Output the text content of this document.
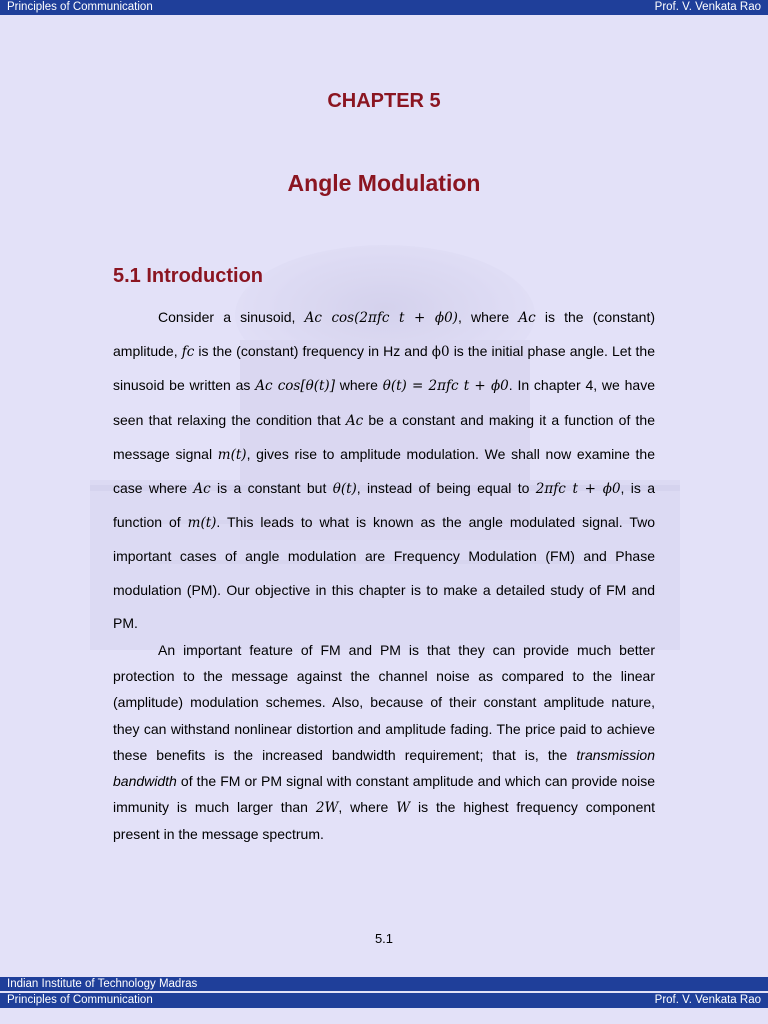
Principles of Communication	Prof. V. Venkata Rao
CHAPTER 5
Angle Modulation
5.1 Introduction
Consider a sinusoid, Ac cos(2πfc t + ϕ0), where Ac is the (constant) amplitude, fc is the (constant) frequency in Hz and ϕ0 is the initial phase angle. Let the sinusoid be written as Ac cos[θ(t)] where θ(t) = 2πfc t + ϕ0. In chapter 4, we have seen that relaxing the condition that Ac be a constant and making it a function of the message signal m(t), gives rise to amplitude modulation. We shall now examine the case where Ac is a constant but θ(t), instead of being equal to 2πfc t + ϕ0, is a function of m(t). This leads to what is known as the angle modulated signal. Two important cases of angle modulation are Frequency Modulation (FM) and Phase modulation (PM). Our objective in this chapter is to make a detailed study of FM and PM.
An important feature of FM and PM is that they can provide much better protection to the message against the channel noise as compared to the linear (amplitude) modulation schemes. Also, because of their constant amplitude nature, they can withstand nonlinear distortion and amplitude fading. The price paid to achieve these benefits is the increased bandwidth requirement; that is, the transmission bandwidth of the FM or PM signal with constant amplitude and which can provide noise immunity is much larger than 2W, where W is the highest frequency component present in the message spectrum.
5.1
Indian Institute of Technology Madras
Principles of Communication	Prof. V. Venkata Rao
